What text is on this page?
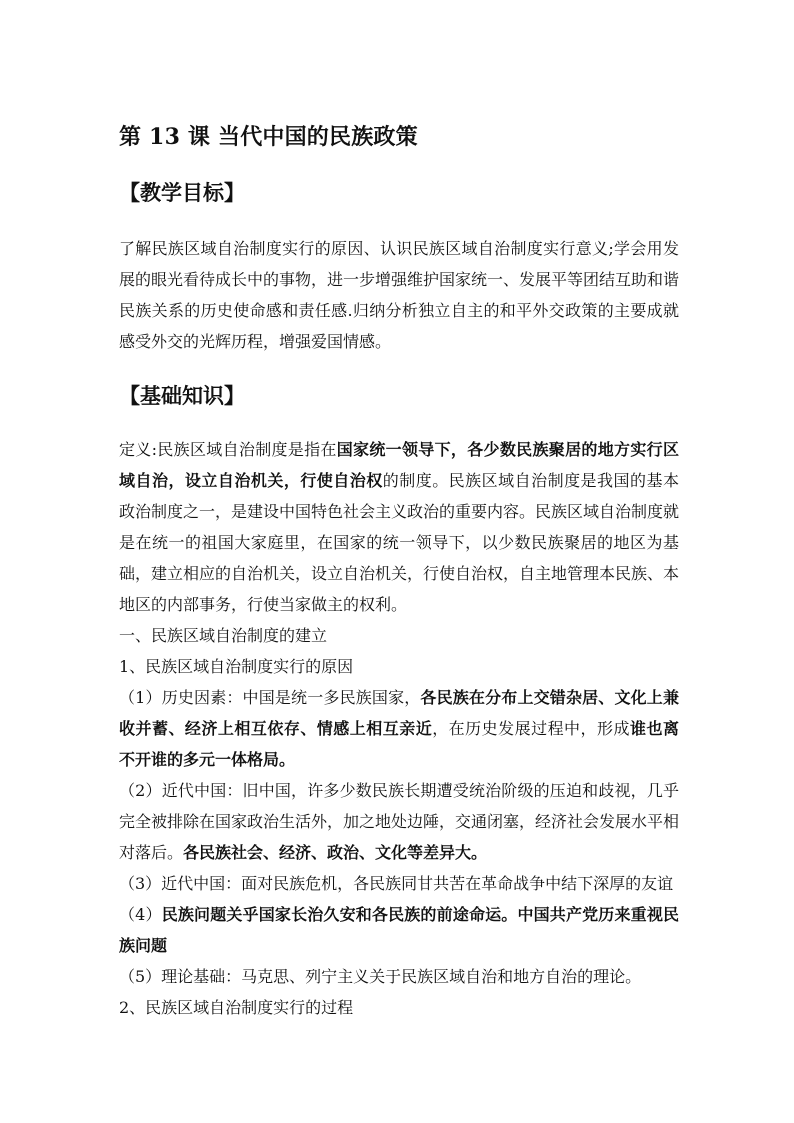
第 13 课 当代中国的民族政策
【教学目标】
了解民族区域自治制度实行的原因、认识民族区域自治制度实行意义;学会用发展的眼光看待成长中的事物，进一步增强维护国家统一、发展平等团结互助和谐民族关系的历史使命感和责任感.归纳分析独立自主的和平外交政策的主要成就感受外交的光辉历程，增强爱国情感。
【基础知识】
定义:民族区域自治制度是指在国家统一领导下，各少数民族聚居的地方实行区域自治，设立自治机关，行使自治权的制度。民族区域自治制度是我国的基本政治制度之一，是建设中国特色社会主义政治的重要内容。民族区域自治制度就是在统一的祖国大家庭里，在国家的统一领导下，以少数民族聚居的地区为基础，建立相应的自治机关，设立自治机关，行使自治权，自主地管理本民族、本地区的内部事务，行使当家做主的权利。
一、民族区域自治制度的建立
1、民族区域自治制度实行的原因
（1）历史因素：中国是统一多民族国家，各民族在分布上交错杂居、文化上兼收并蓄、经济上相互依存、情感上相互亲近，在历史发展过程中，形成谁也离不开谁的多元一体格局。
（2）近代中国：旧中国，许多少数民族长期遭受统治阶级的压迫和歧视，几乎完全被排除在国家政治生活外，加之地处边陲，交通闭塞，经济社会发展水平相对落后。各民族社会、经济、政治、文化等差异大。
（3）近代中国：面对民族危机，各民族同甘共苦在革命战争中结下深厚的友谊
（4）民族问题关乎国家长治久安和各民族的前途命运。中国共产党历来重视民族问题
（5）理论基础：马克思、列宁主义关于民族区域自治和地方自治的理论。
2、民族区域自治制度实行的过程
